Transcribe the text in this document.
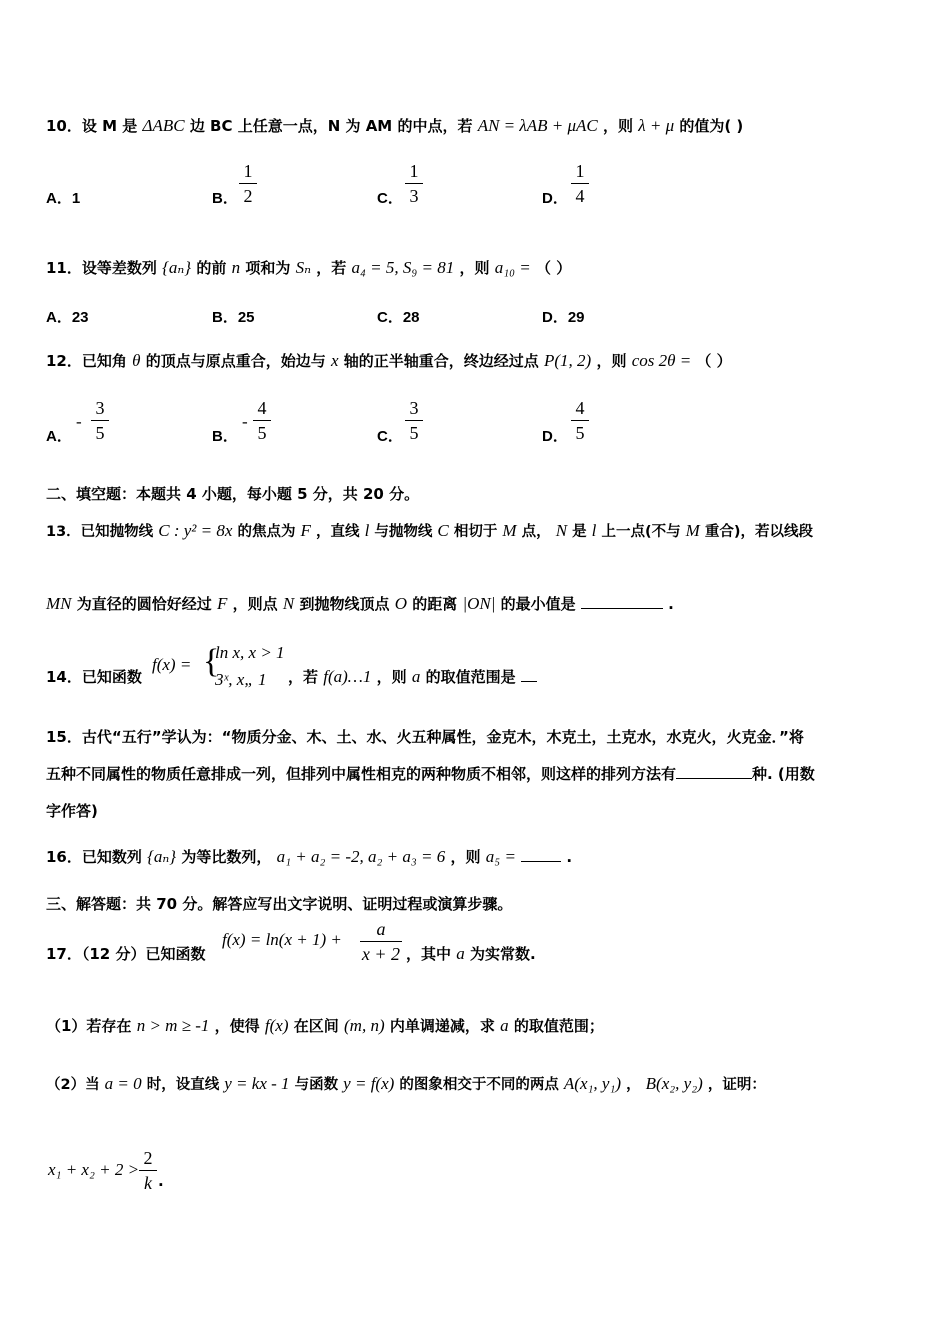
10．设 M 是 ΔABC 边 BC 上任意一点，N 为 AM 的中点，若 AN = λAB + μAC ，则 λ + μ 的值为( )
A．1	B．
1
2	C．
1
3	D．
1
4
11．设等差数列 {aₙ} 的前 n 项和为 Sₙ ，若 a₄ = 5, S₉ = 81 ，则 a₁₀ = （ ）
A．23	B．25	C．28	D．29
12．已知角 θ 的顶点与原点重合，始边与 x 轴的正半轴重合，终边经过点 P(1, 2) ，则 cos 2θ = （ ）
A．
-
3
5	B．
-
4
5	C．
3
5	D．
4
5
二、填空题：本题共 4 小题，每小题 5 分，共 20 分。
13．已知抛物线 C : y² = 8x 的焦点为 F ，直线 l 与抛物线 C 相切于 M 点， N 是 l 上一点(不与 M 重合)，若以线段
MN 为直径的圆恰好经过 F ，则点 N 到抛物线顶点 O 的距离 |ON| 的最小值是	.
14．已知函数
f(x) = {
ln x, x > 1
3ˣ, x„ 1 ，若 f(a)…1 ，则 a 的取值范围是
15．古代“五行”学认为：“物质分金、木、土、水、火五种属性，金克木，木克土，土克水，水克火，火克金．”将
五种不同属性的物质任意排成一列，但排列中属性相克的两种物质不相邻，则这样的排列方法有	种. (用数
字作答)
16．已知数列 {aₙ} 为等比数列， a₁ + a₂ = -2, a₂ + a₃ = 6 ，则 a₅ =	.
三、解答题：共 70 分。解答应写出文字说明、证明过程或演算步骤。
17．（12 分）已知函数
f(x) = ln(x + 1) +
a
x + 2 ，其中 a 为实常数.
（1）若存在 n > m ≥ -1 ，使得 f(x) 在区间 (m, n) 内单调递减，求 a 的取值范围；
（2）当 a = 0 时，设直线 y = kx - 1 与函数 y = f(x) 的图象相交于不同的两点 A(x₁, y₁) ， B(x₂, y₂) ，证明：
x₁ + x₂ + 2 >
2
k .
